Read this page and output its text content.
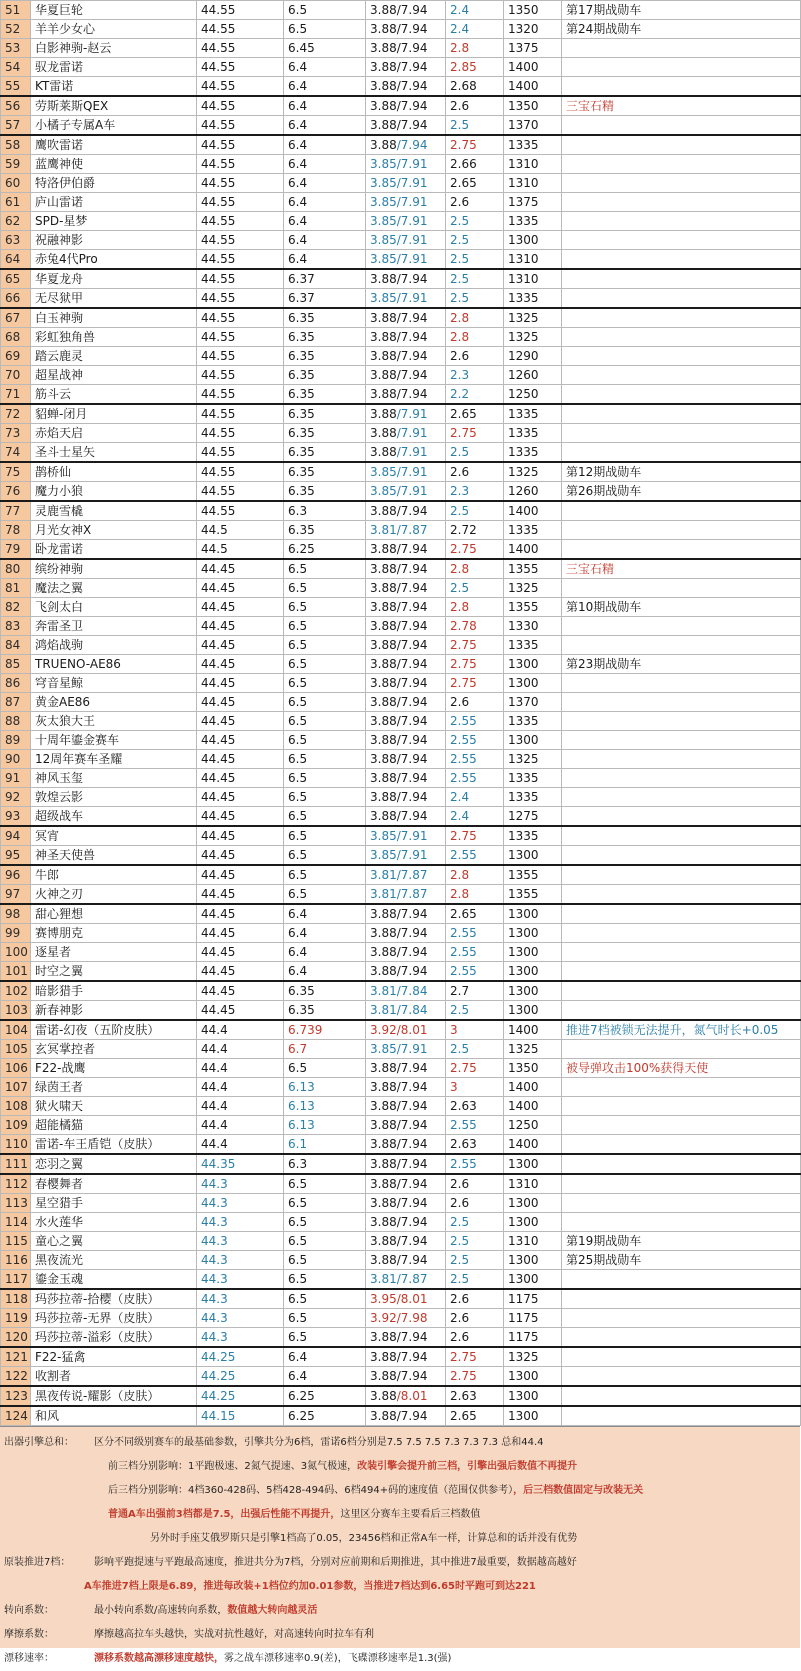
51	华夏巨轮	44.55	6.5	3.88/7.94	2.4	1350	第17期战勋车
52	羊羊少女心	44.55	6.5	3.88/7.94	2.4	1320	第24期战勋车
53	白影神驹-赵云	44.55	6.45	3.88/7.94	2.8	1375	
54	驭龙雷诺	44.55	6.4	3.88/7.94	2.85	1400	
55	KT雷诺	44.55	6.4	3.88/7.94	2.68	1400	
56	劳斯莱斯QEX	44.55	6.4	3.88/7.94	2.6	1350	三宝石精
57	小橘子专属A车	44.55	6.4	3.88/7.94	2.5	1370	
58	鹰吹雷诺	44.55	6.4	3.88/7.94	2.75	1335	
59	蓝鹰神使	44.55	6.4	3.85/7.91	2.66	1310	
60	特洛伊伯爵	44.55	6.4	3.85/7.91	2.65	1310	
61	庐山雷诺	44.55	6.4	3.85/7.91	2.6	1375	
62	SPD-星梦	44.55	6.4	3.85/7.91	2.5	1335	
63	祝融神影	44.55	6.4	3.85/7.91	2.5	1300	
64	赤兔4代Pro	44.55	6.4	3.85/7.91	2.5	1310	
65	华夏龙舟	44.55	6.37	3.88/7.94	2.5	1310	
66	无尽狱甲	44.55	6.37	3.85/7.91	2.5	1335	
67	白玉神驹	44.55	6.35	3.88/7.94	2.8	1325	
68	彩虹独角兽	44.55	6.35	3.88/7.94	2.8	1325	
69	踏云鹿灵	44.55	6.35	3.88/7.94	2.6	1290	
70	超星战神	44.55	6.35	3.88/7.94	2.3	1260	
71	筋斗云	44.55	6.35	3.88/7.94	2.2	1250	
72	貂蝉-闭月	44.55	6.35	3.88/7.91	2.65	1335	
73	赤焰天启	44.55	6.35	3.88/7.91	2.75	1335	
74	圣斗士星矢	44.55	6.35	3.88/7.91	2.5	1335	
75	鹊桥仙	44.55	6.35	3.85/7.91	2.6	1325	第12期战勋车
76	魔力小狼	44.55	6.35	3.85/7.91	2.3	1260	第26期战勋车
77	灵鹿雪橇	44.55	6.3	3.88/7.94	2.5	1400	
78	月光女神X	44.5	6.35	3.81/7.87	2.72	1335	
79	卧龙雷诺	44.5	6.25	3.88/7.94	2.75	1400	
80	缤纷神驹	44.45	6.5	3.88/7.94	2.8	1355	三宝石精
81	魔法之翼	44.45	6.5	3.88/7.94	2.5	1325	
82	飞剑太白	44.45	6.5	3.88/7.94	2.8	1355	第10期战勋车
83	奔雷圣卫	44.45	6.5	3.88/7.94	2.78	1330	
84	鸿焰战驹	44.45	6.5	3.88/7.94	2.75	1335	
85	TRUENO-AE86	44.45	6.5	3.88/7.94	2.75	1300	第23期战勋车
86	穹音星鲸	44.45	6.5	3.88/7.94	2.75	1300	
87	黄金AE86	44.45	6.5	3.88/7.94	2.6	1370	
88	灰太狼大王	44.45	6.5	3.88/7.94	2.55	1335	
89	十周年鎏金赛车	44.45	6.5	3.88/7.94	2.55	1300	
90	12周年赛车圣耀	44.45	6.5	3.88/7.94	2.55	1325	
91	神风玉玺	44.45	6.5	3.88/7.94	2.55	1335	
92	敦煌云影	44.45	6.5	3.88/7.94	2.4	1335	
93	超级战车	44.45	6.5	3.88/7.94	2.4	1275	
94	冥宵	44.45	6.5	3.85/7.91	2.75	1335	
95	神圣天使兽	44.45	6.5	3.85/7.91	2.55	1300	
96	牛郎	44.45	6.5	3.81/7.87	2.8	1355	
97	火神之刃	44.45	6.5	3.81/7.87	2.8	1355	
98	甜心狸想	44.45	6.4	3.88/7.94	2.65	1300	
99	赛博朋克	44.45	6.4	3.88/7.94	2.55	1300	
100	逐星者	44.45	6.4	3.88/7.94	2.55	1300	
101	时空之翼	44.45	6.4	3.88/7.94	2.55	1300	
102	暗影猎手	44.45	6.35	3.81/7.84	2.7	1300	
103	新春神影	44.45	6.35	3.81/7.84	2.5	1300	
104	雷诺-幻夜（五阶皮肤）	44.4	6.739	3.92/8.01	3	1400	推进7档被锁无法提升，氮气时长+0.05
105	玄冥掌控者	44.4	6.7	3.85/7.91	2.5	1325	
106	F22-战鹰	44.4	6.5	3.88/7.94	2.75	1350	被导弹攻击100%获得天使
107	绿茵王者	44.4	6.13	3.88/7.94	3	1400	
108	狱火啸天	44.4	6.13	3.88/7.94	2.63	1400	
109	超能橘猫	44.4	6.13	3.88/7.94	2.55	1250	
110	雷诺-车王盾铠（皮肤）	44.4	6.1	3.88/7.94	2.63	1400	
111	恋羽之翼	44.35	6.3	3.88/7.94	2.55	1300	
112	春樱舞者	44.3	6.5	3.88/7.94	2.6	1310	
113	星空猎手	44.3	6.5	3.88/7.94	2.6	1300	
114	水火莲华	44.3	6.5	3.88/7.94	2.5	1300	
115	童心之翼	44.3	6.5	3.88/7.94	2.5	1310	第19期战勋车
116	黑夜流光	44.3	6.5	3.88/7.94	2.5	1300	第25期战勋车
117	鎏金玉魂	44.3	6.5	3.81/7.87	2.5	1300	
118	玛莎拉蒂-拾樱（皮肤）	44.3	6.5	3.95/8.01	2.6	1175	
119	玛莎拉蒂-无界（皮肤）	44.3	6.5	3.92/7.98	2.6	1175	
120	玛莎拉蒂-溢彩（皮肤）	44.3	6.5	3.88/7.94	2.6	1175	
121	F22-猛禽	44.25	6.4	3.88/7.94	2.75	1325	
122	收割者	44.25	6.4	3.88/7.94	2.75	1300	
123	黑夜传说-耀影（皮肤）	44.25	6.25	3.88/8.01	2.63	1300	
124	和风	44.15	6.25	3.88/7.94	2.65	1300	
出器引擎总和： 区分不同级别赛车的最基础参数，引擎共分为6档，雷诺6档分别是7.5 7.5 7.5 7.3 7.3 7.3 总和44.4
前三档分别影响：1平跑极速、2氮气提速、3氮气极速，改装引擎会提升前三档，引擎出强后数值不再提升
后三档分别影响：4档360-428码、5档428-494码、6档494+码的速度值（范围仅供参考），后三档数值固定与改装无关
普通A车出强前3档都是7.5，出强后性能不再提升，这里区分赛车主要看后三档数值
另外时手座艾俄罗斯只是引擎1档高了0.05，23456档和正常A车一样，计算总和的话并没有优势
原装推进7档： 影响平跑提速与平跑最高速度，推进共分为7档，分别对应前期和后期推进，其中推进7最重要，数据越高越好
A车推进7档上限是6.89，推进每改装+1档位约加0.01参数，当推进7档达到6.65时平跑可到达221
转向系数：	最小转向系数/高速转向系数，数值越大转向越灵活
摩擦系数：	摩擦越高拉车头越快，实战对抗性越好，对高速转向时拉车有利
漂移速率：	漂移系数越高漂移速度越快，雾之战车漂移速率0.9(差)，飞碟漂移速率是1.3(强)
